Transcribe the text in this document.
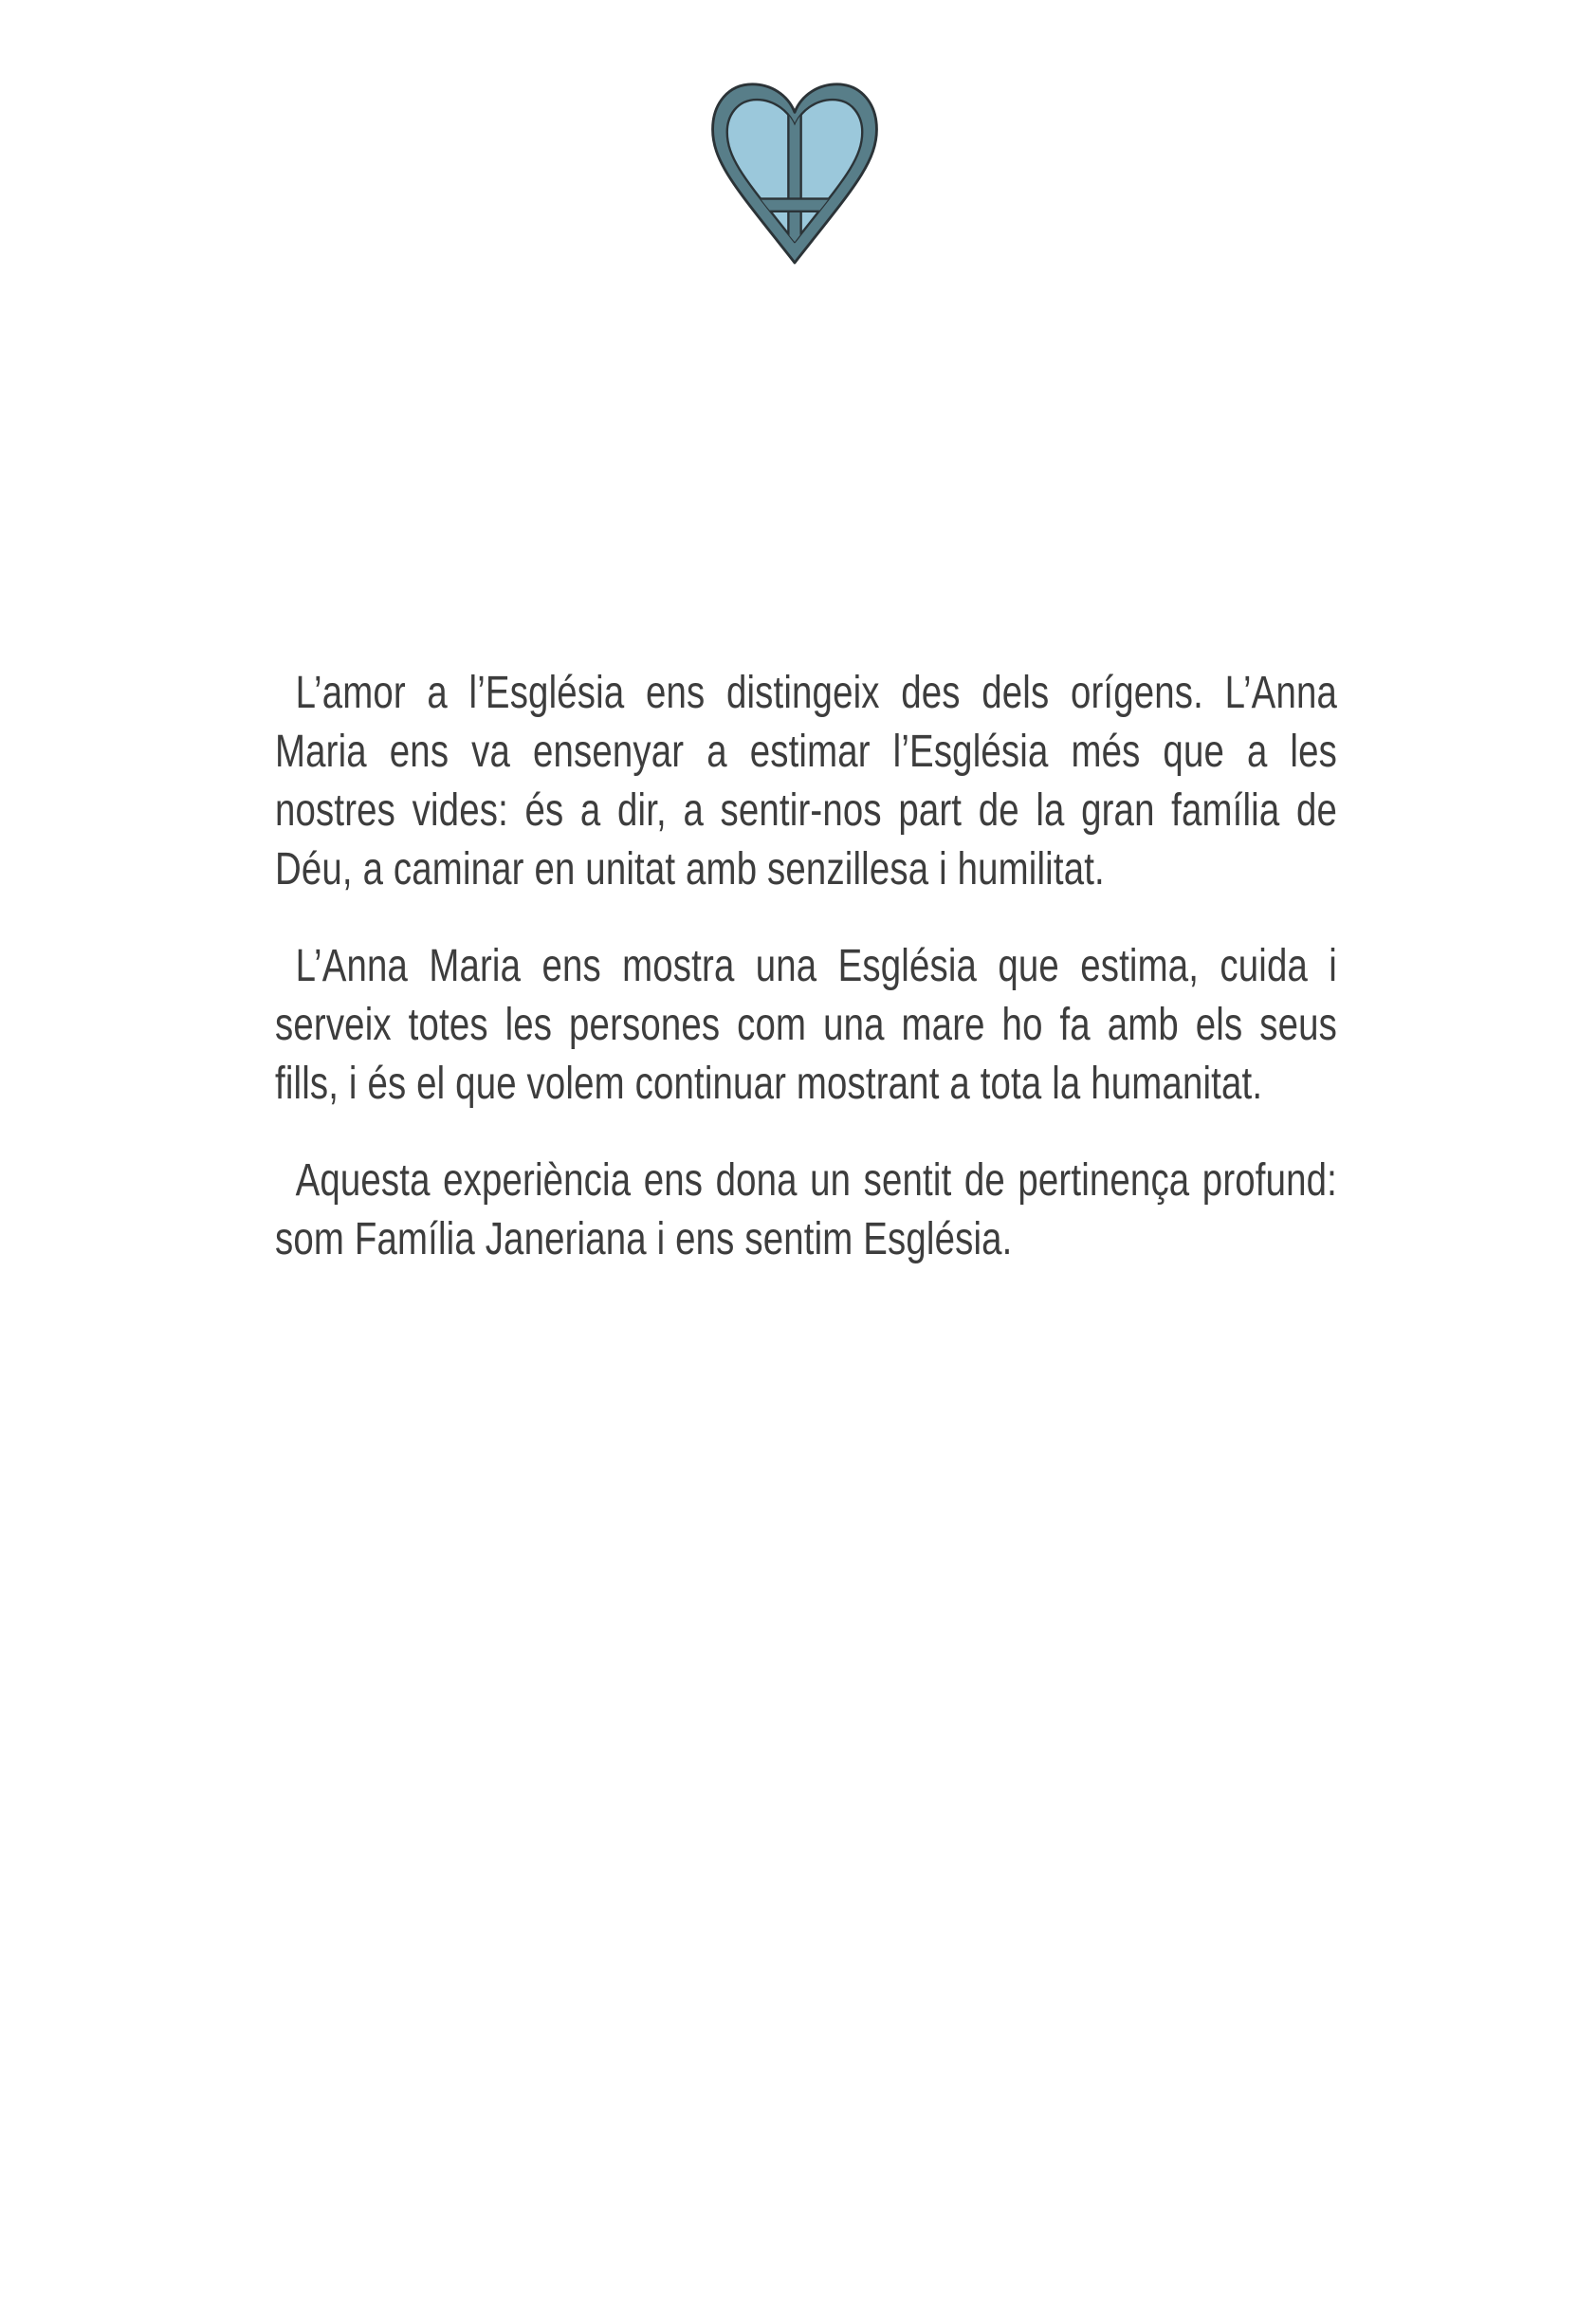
L’amor a l’Església ens distingeix des dels orígens. L’Anna Maria ens va ensenyar a estimar l’Església més que a les nostres vides: és a dir, a sentir-nos part de la gran família de Déu, a caminar en unitat amb senzillesa i humilitat.

L’Anna Maria ens mostra una Església que estima, cuida i serveix totes les persones com una mare ho fa amb els seus fills, i és el que volem continuar mostrant a tota la humanitat.

Aquesta experiència ens dona un sentit de pertinença profund: som Família Janeriana i ens sentim Església.
